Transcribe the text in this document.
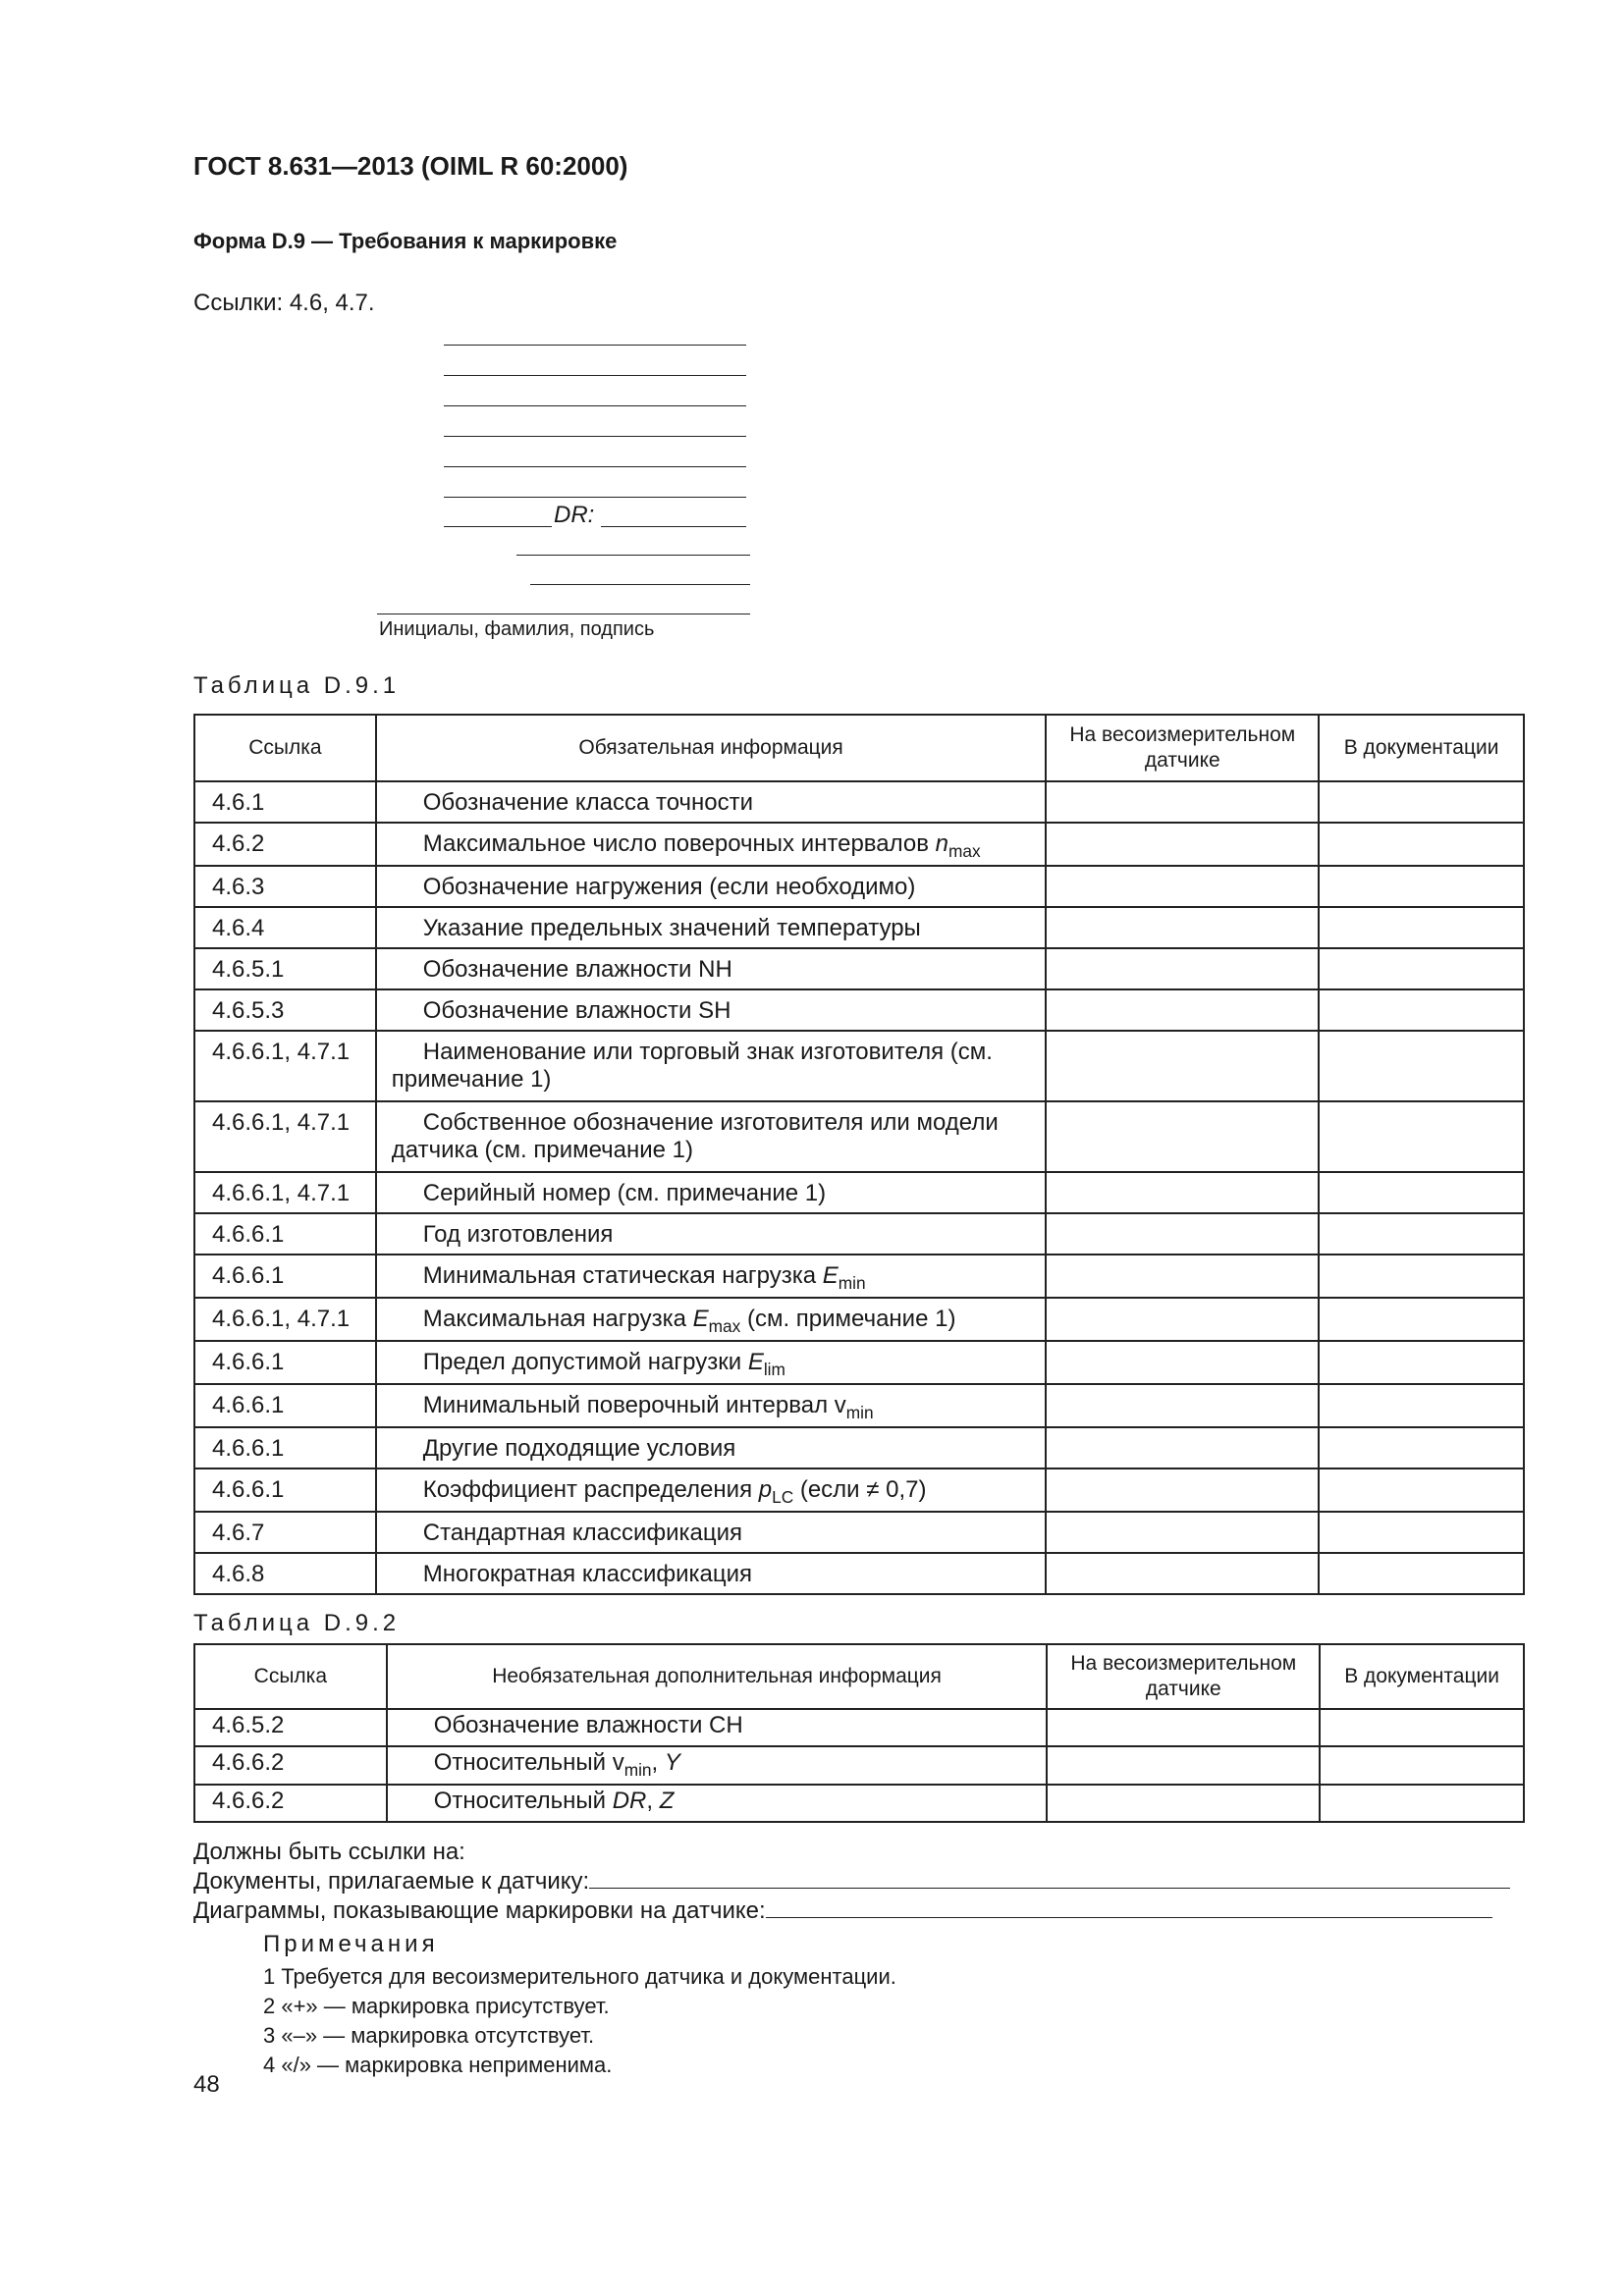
ГОСТ 8.631—2013 (OIML R 60:2000)
Форма D.9 — Требования к маркировке
Ссылки: 4.6, 4.7.
DR:
Инициалы, фамилия, подпись
Таблица D.9.1
Ссылка	Обязательная информация	На весоизмерительном датчике	В документации
4.6.1	Обозначение класса точности		

4.6.2	Максимальное число поверочных интервалов $n_{max}$

4.6.3	Обозначение нагружения (если необходимо)		

4.6.4	Указание предельных значений температуры		

4.6.5.1	Обозначение влажности NH		

4.6.5.3	Обозначение влажности SH		

4.6.6.1, 4.7.1	Наименование или торговый знак изготовителя (см. примечание 1)		

4.6.6.1, 4.7.1	Собственное обозначение изготовителя или модели датчика (см. примечание 1)		

4.6.6.1, 4.7.1	Серийный номер (см. примечание 1)		

4.6.6.1	Год изготовления		

4.6.6.1	Минимальная статическая нагрузка $E_{min}$

4.6.6.1, 4.7.1	Максимальная нагрузка $E_{max}$ (см. примечание 1)		

4.6.6.1	Предел допустимой нагрузки $E_{lim}$

4.6.6.1	Минимальный поверочный интервал $v_{min}$

4.6.6.1	Другие подходящие условия		

4.6.6.1	Коэффициент распределения $p_{LC}$ (если ≠ 0,7)		

4.6.7	Стандартная классификация		

4.6.8	Многократная классификация		

Таблица D.9.2
Ссылка	Необязательная дополнительная информация	На весоизмерительном датчике	В документации
4.6.5.2	Обозначение влажности CH		

4.6.6.2	Относительный $v_{min}$, Y		

4.6.6.2	Относительный DR, Z		

Должны быть ссылки на:
Документы, прилагаемые к датчику:
Диаграммы, показывающие маркировки на датчике:
Примечания
1 Требуется для весоизмерительного датчика и документации.
2 «+» — маркировка присутствует.
3 «–» — маркировка отсутствует.
4 «/» — маркировка неприменима.
48
